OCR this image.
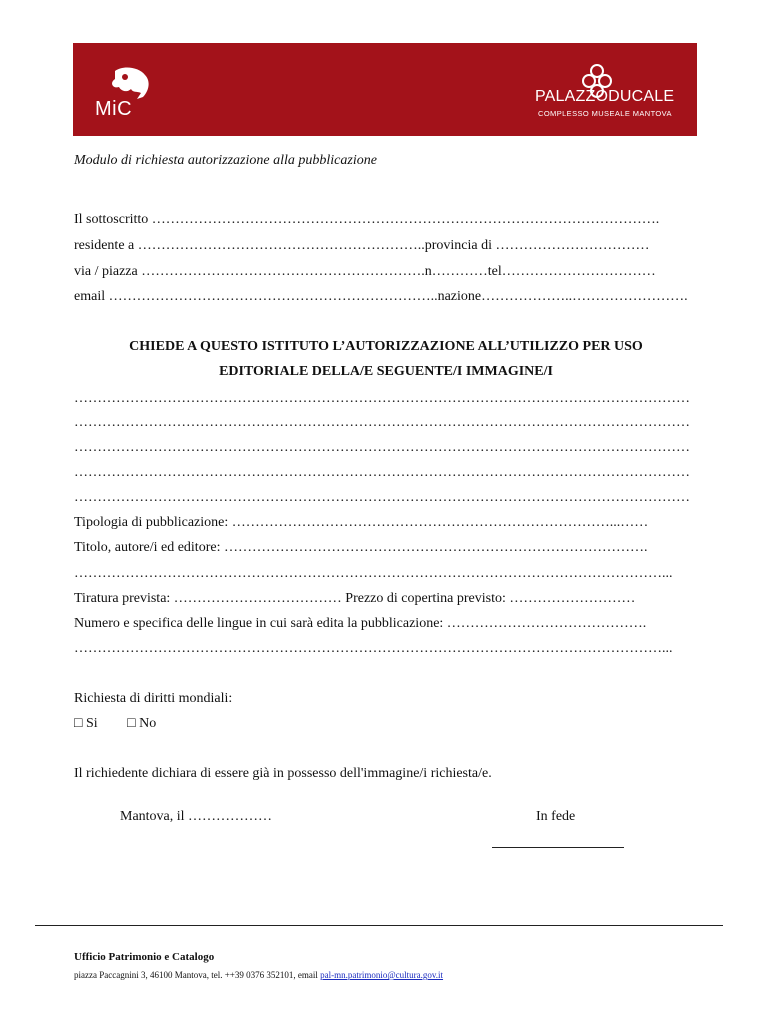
MiC
PALAZZODUCALE
COMPLESSO MUSEALE MANTOVA
Modulo di richiesta autorizzazione alla pubblicazione
Il sottoscritto ……………………………………………………………………………………………….
residente a ……………………………………………………..provincia di ……………………………
via / piazza …………………………………………………….n…………tel……………………………
email ……………………………………………………………..nazione………………..…………………….
CHIEDE A QUESTO ISTITUTO L’AUTORIZZAZIONE ALL’UTILIZZO PER USO
EDITORIALE DELLA/E SEGUENTE/I IMMAGINE/I
……………………………………………………………………………………………………………………
……………………………………………………………………………………………………………………
……………………………………………………………………………………………………………………
……………………………………………………………………………………………………………………
……………………………………………………………………………………………………………………
Tipologia di pubblicazione: ………………………………………………………………………...……
Titolo, autore/i ed editore: ……………………………………………………………………………….
………………………………………………………………………………………………………………...
Tiratura prevista: ……………………………… Prezzo di copertina previsto: ………………………
Numero e specifica delle lingue in cui sarà edita la pubblicazione: …………………………………….
………………………………………………………………………………………………………………...
Richiesta di diritti mondiali:
□ Si □ No
Il richiedente dichiara di essere già in possesso dell'immagine/i richiesta/e.
Mantova, il ………………	In fede
Ufficio Patrimonio e Catalogo
piazza Paccagnini 3, 46100 Mantova, tel. ++39 0376 352101, email pal-mn.patrimonio@cultura.gov.it
